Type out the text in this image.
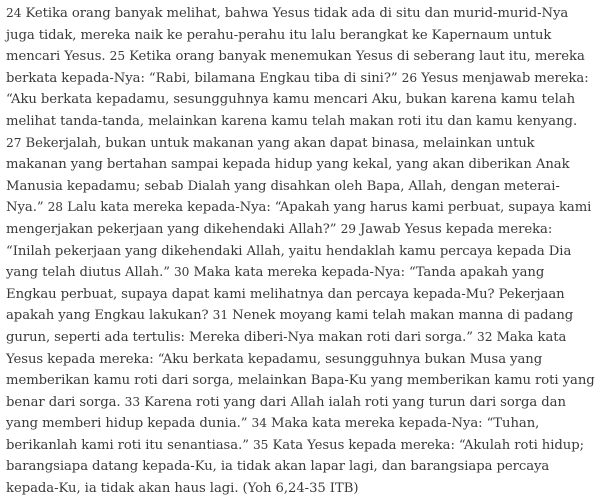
24 Ketika orang banyak melihat, bahwa Yesus tidak ada di situ dan murid-murid-Nya juga tidak, mereka naik ke perahu-perahu itu lalu berangkat ke Kapernaum untuk mencari Yesus. 25 Ketika orang banyak menemukan Yesus di seberang laut itu, mereka berkata kepada-Nya: “Rabi, bilamana Engkau tiba di sini?” 26 Yesus menjawab mereka: “Aku berkata kepadamu, sesungguhnya kamu mencari Aku, bukan karena kamu telah melihat tanda-tanda, melainkan karena kamu telah makan roti itu dan kamu kenyang. 27 Bekerjalah, bukan untuk makanan yang akan dapat binasa, melainkan untuk makanan yang bertahan sampai kepada hidup yang kekal, yang akan diberikan Anak Manusia kepadamu; sebab Dialah yang disahkan oleh Bapa, Allah, dengan meterai-Nya.” 28 Lalu kata mereka kepada-Nya: “Apakah yang harus kami perbuat, supaya kami mengerjakan pekerjaan yang dikehendaki Allah?” 29 Jawab Yesus kepada mereka: “Inilah pekerjaan yang dikehendaki Allah, yaitu hendaklah kamu percaya kepada Dia yang telah diutus Allah.” 30 Maka kata mereka kepada-Nya: “Tanda apakah yang Engkau perbuat, supaya dapat kami melihatnya dan percaya kepada-Mu? Pekerjaan apakah yang Engkau lakukan? 31 Nenek moyang kami telah makan manna di padang gurun, seperti ada tertulis: Mereka diberi-Nya makan roti dari sorga.” 32 Maka kata Yesus kepada mereka: “Aku berkata kepadamu, sesungguhnya bukan Musa yang memberikan kamu roti dari sorga, melainkan Bapa-Ku yang memberikan kamu roti yang benar dari sorga. 33 Karena roti yang dari Allah ialah roti yang turun dari sorga dan yang memberi hidup kepada dunia.” 34 Maka kata mereka kepada-Nya: “Tuhan, berikanlah kami roti itu senantiasa.” 35 Kata Yesus kepada mereka: “Akulah roti hidup; barangsiapa datang kepada-Ku, ia tidak akan lapar lagi, dan barangsiapa percaya kepada-Ku, ia tidak akan haus lagi. (Yoh 6,24-35 ITB)
